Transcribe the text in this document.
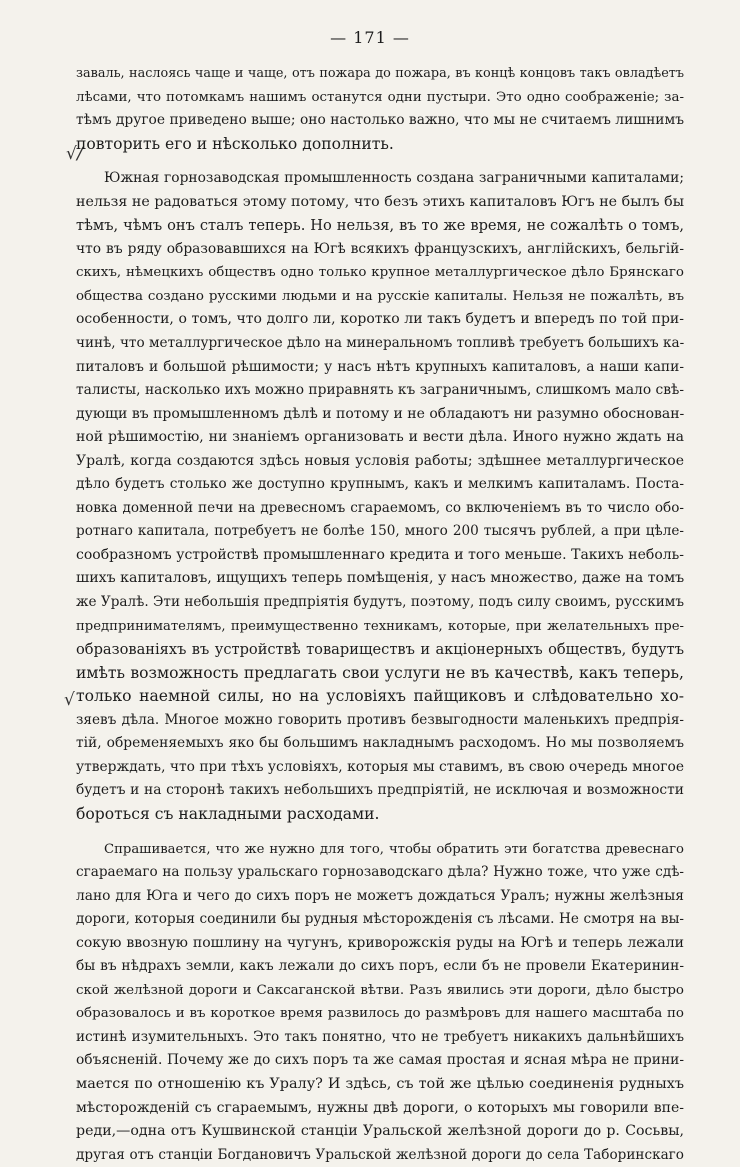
— 171 —
√/
√

заваль, наслоясь чаще и чаще, отъ пожара до пожара, въ концѣ концовъ такъ овладѣетъ
лѣсами, что потомкамъ нашимъ останутся одни пустыри. Это одно соображеніе; за-
тѣмъ другое приведено выше; оно настолько важно, что мы не считаемъ лишнимъ
повторить его и нѣсколько дополнить.

Южная горнозаводская промышленность создана заграничными капиталами;
нельзя не радоваться этому потому, что безъ этихъ капиталовъ Югъ не былъ бы
тѣмъ, чѣмъ онъ сталъ теперь. Но нельзя, въ то же время, не сожалѣть о томъ,
что въ ряду образовавшихся на Югѣ всякихъ французскихъ, англійскихъ, бельгій-
скихъ, нѣмецкихъ обществъ одно только крупное металлургическое дѣло Брянскаго
общества создано русскими людьми и на русскіе капиталы. Нельзя не пожалѣть, въ
особенности, о томъ, что долго ли, коротко ли такъ будетъ и впередъ по той при-
чинѣ, что металлургическое дѣло на минеральномъ топливѣ требуетъ большихъ ка-
питаловъ и большой рѣшимости; у насъ нѣтъ крупныхъ капиталовъ, а наши капи-
талисты, насколько ихъ можно приравнять къ заграничнымъ, слишкомъ мало свѣ-
дующи въ промышленномъ дѣлѣ и потому и не обладаютъ ни разумно обоснован-
ной рѣшимостію, ни знаніемъ организовать и вести дѣла. Иного нужно ждать на
Уралѣ, когда создаются здѣсь новыя условія работы; здѣшнее металлургическое
дѣло будетъ столько же доступно крупнымъ, какъ и мелкимъ капиталамъ. Поста-
новка доменной печи на древесномъ сгараемомъ, со включеніемъ въ то число обо-
ротнаго капитала, потребуетъ не болѣе 150, много 200 тысячъ рублей, а при цѣле-
сообразномъ устройствѣ промышленнаго кредита и того меньше. Такихъ неболь-
шихъ капиталовъ, ищущихъ теперь помѣщенія, у насъ множество, даже на томъ
же Уралѣ. Эти небольшія предпріятія будутъ, поэтому, подъ силу своимъ, русскимъ
предпринимателямъ, преимущественно техникамъ, которые, при желательныхъ пре-
образованіяхъ въ устройствѣ товариществъ и акціонерныхъ обществъ, будутъ
имѣть возможность предлагать свои услуги не въ качествѣ, какъ теперь,
только наемной силы, но на условіяхъ пайщиковъ и слѣдовательно хо-
зяевъ дѣла. Многое можно говорить противъ безвыгодности маленькихъ предпрія-
тій, обременяемыхъ яко бы большимъ накладнымъ расходомъ. Но мы позволяемъ
утверждать, что при тѣхъ условіяхъ, которыя мы ставимъ, въ свою очередь многое
будетъ и на сторонѣ такихъ небольшихъ предпріятій, не исключая и возможности
бороться съ накладными расходами.

Спрашивается, что же нужно для того, чтобы обратить эти богатства древеснаго
сгараемаго на пользу уральскаго горнозаводскаго дѣла? Нужно тоже, что уже сдѣ-
лано для Юга и чего до сихъ поръ не можетъ дождаться Уралъ; нужны желѣзныя
дороги, которыя соединили бы рудныя мѣсторожденія съ лѣсами. Не смотря на вы-
сокую ввозную пошлину на чугунъ, криворожскія руды на Югѣ и теперь лежали
бы въ нѣдрахъ земли, какъ лежали до сихъ поръ, если бъ не провели Екатеринин-
ской желѣзной дороги и Саксаганской вѣтви. Разъ явились эти дороги, дѣло быстро
образовалось и въ короткое время развилось до размѣровъ для нашего масштаба по
истинѣ изумительныхъ. Это такъ понятно, что не требуетъ никакихъ дальнѣйшихъ
объясненій. Почему же до сихъ поръ та же самая простая и ясная мѣра не прини-
мается по отношенію къ Уралу? И здѣсь, съ той же цѣлью соединенія рудныхъ
мѣсторожденій съ сгараемымъ, нужны двѣ дороги, о которыхъ мы говорили впе-
реди,—одна отъ Кушвинской станціи Уральской желѣзной дороги до р. Сосьвы,
другая отъ станціи Богдановичъ Уральской желѣзной дороги до села Таборинскаго
